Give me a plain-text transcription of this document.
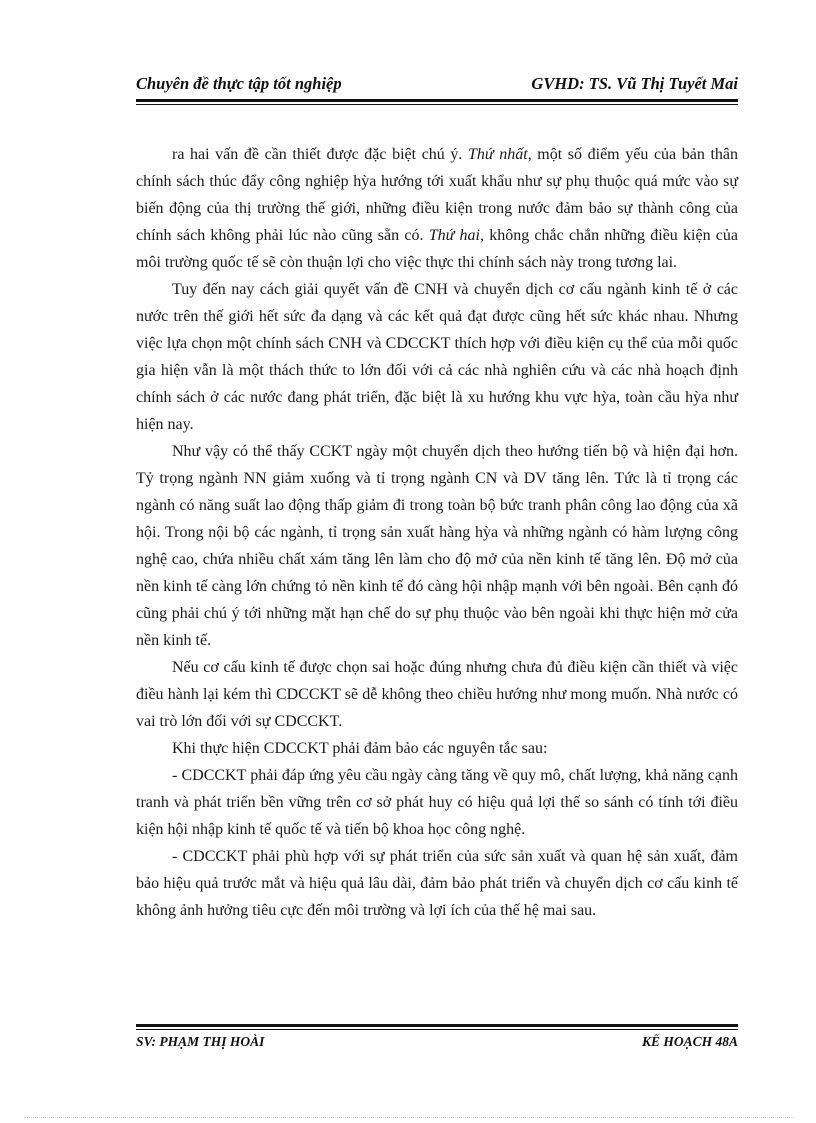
Chuyên đề thực tập tốt nghiệp	GVHD: TS. Vũ Thị Tuyết Mai

ra hai vấn đề cần thiết được đặc biệt chú ý. Thứ nhất, một số điểm yếu của bản thân chính sách thúc đẩy công nghiệp hỳa hướng tới xuất khẩu như sự phụ thuộc quá mức vào sự biến động của thị trường thế giới, những điều kiện trong nước đảm bảo sự thành công của chính sách không phải lúc nào cũng sẵn có. Thứ hai, không chắc chắn những điều kiện của môi trường quốc tế sẽ còn thuận lợi cho việc thực thi chính sách này trong tương lai.

Tuy đến nay cách giải quyết vấn đề CNH và chuyển dịch cơ cấu ngành kinh tế ở các nước trên thế giới hết sức đa dạng và các kết quả đạt được cũng hết sức khác nhau. Nhưng việc lựa chọn một chính sách CNH và CDCCKT thích hợp với điều kiện cụ thể của mỗi quốc gia hiện vẫn là một thách thức to lớn đối với cả các nhà nghiên cứu và các nhà hoạch định chính sách ở các nước đang phát triển, đặc biệt là xu hướng khu vực hỳa, toàn cầu hỳa như hiện nay.

Như vậy có thể thấy CCKT ngày một chuyển dịch theo hướng tiến bộ và hiện đại hơn. Tỷ trọng ngành NN giảm xuống và tỉ trọng ngành CN và DV tăng lên. Tức là tỉ trọng các ngành có năng suất lao động thấp giảm đi trong toàn bộ bức tranh phân công lao động của xã hội. Trong nội bộ các ngành, tỉ trọng sản xuất hàng hỳa và những ngành có hàm lượng công nghệ cao, chứa nhiều chất xám tăng lên làm cho độ mở của nền kinh tế tăng lên. Độ mở của nền kinh tế càng lớn chứng tỏ nền kinh tế đó càng hội nhập mạnh với bên ngoài. Bên cạnh đó cũng phải chú ý tới những mặt hạn chế do sự phụ thuộc vào bên ngoài khi thực hiện mở cửa nền kinh tế.

Nếu cơ cấu kinh tế được chọn sai hoặc đúng nhưng chưa đủ điều kiện cần thiết và việc điều hành lại kém thì CDCCKT sẽ dễ không theo chiều hướng như mong muốn. Nhà nước có vai trò lớn đối với sự CDCCKT.

Khi thực hiện CDCCKT phải đảm bảo các nguyên tắc sau:

- CDCCKT phải đáp ứng yêu cầu ngày càng tăng về quy mô, chất lượng, khả năng cạnh tranh và phát triển bền vững trên cơ sở phát huy có hiệu quả lợi thế so sánh có tính tới điều kiện hội nhập kinh tế quốc tế và tiến bộ khoa học công nghệ.

- CDCCKT phải phù hợp với sự phát triển của sức sản xuất và quan hệ sản xuất, đảm bảo hiệu quả trước mắt và hiệu quả lâu dài, đảm bảo phát triển và chuyển dịch cơ cấu kinh tế không ảnh hưởng tiêu cực đến môi trường và lợi ích của thế hệ mai sau.

SV: PHẠM THỊ HOÀI	KẾ HOẠCH 48A
